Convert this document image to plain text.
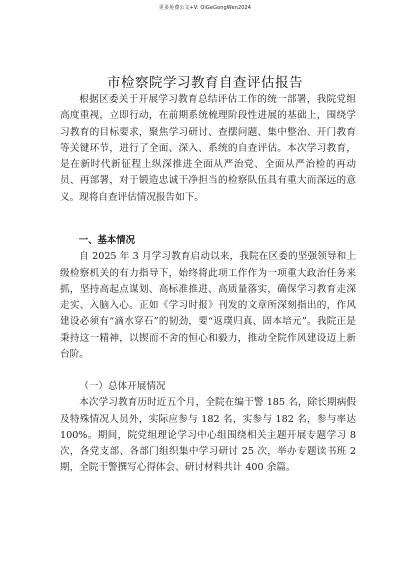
更多免费公文+V: QiGeGongWen2024
市检察院学习教育自查评估报告

根据区委关于开展学习教育总结评估工作的统一部署，我院党组高度重视，立即行动，在前期系统梳理阶段性进展的基础上，围绕学习教育的目标要求，聚焦学习研讨、查摆问题、集中整治、开门教育等关键环节，进行了全面、深入、系统的自查评估。本次学习教育，是在新时代新征程上纵深推进全面从严治党、全面从严治检的再动员、再部署，对于锻造忠诚干净担当的检察队伍具有重大而深远的意义。现将自查评估情况报告如下。

一、基本情况

自 2025 年 3 月学习教育启动以来，我院在区委的坚强领导和上级检察机关的有力指导下，始终将此项工作作为一项重大政治任务来抓，坚持高起点谋划、高标准推进、高质量落实，确保学习教育走深走实、入脑入心。正如《学习时报》刊发的文章所深刻指出的，作风建设必须有“滴水穿石”的韧劲，要“返璞归真、固本培元”。我院正是秉持这一精神，以锲而不舍的恒心和毅力，推动全院作风建设迈上新台阶。

（一）总体开展情况

本次学习教育历时近五个月，全院在编干警 185 名，除长期病假及特殊情况人员外，实际应参与 182 名，实参与 182 名，参与率达 100%。期间，院党组理论学习中心组围绕相关主题开展专题学习 8 次，各党支部、各部门组织集中学习研讨 25 次，举办专题读书班 2 期，全院干警撰写心得体会、研讨材料共计 400 余篇。
